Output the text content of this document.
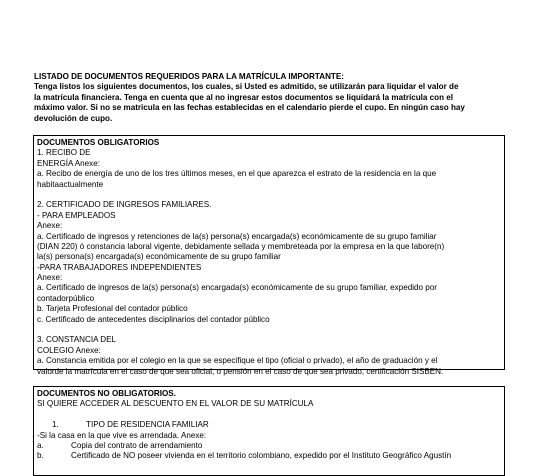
LISTADO DE DOCUMENTOS REQUERIDOS PARA LA MATRÍCULA IMPORTANTE:
Tenga listos los siguientes documentos, los cuales, si Usted es admitido, se utilizarán para liquidar el valor de
la matrícula financiera. Tenga en cuenta que al no ingresar estos documentos se liquidará la matrícula con el
máximo valor. Si no se matricula en las fechas establecidas en el calendario pierde el cupo. En ningún caso hay
devolución de cupo.
DOCUMENTOS OBLIGATORIOS
1. RECIBO DE
ENERGÍA Anexe:
a. Recibo de energía de uno de los tres últimos meses, en el que aparezca el estrato de la residencia en la que
habitaactualmente
2. CERTIFICADO DE INGRESOS FAMILIARES.
- PARA EMPLEADOS
Anexe:
a. Certificado de ingresos y retenciones de la(s) persona(s) encargada(s) económicamente de su grupo familiar
(DIAN 220) ó constancia laboral vigente, debidamente sellada y membreteada por la empresa en la que labore(n)
la(s) persona(s) encargada(s) económicamente de su grupo familiar
-PARA TRABAJADORES INDEPENDIENTES
Anexe:
a. Certificado de ingresos de la(s) persona(s) encargada(s) económicamente de su grupo familiar, expedido por
contadorpúblico
b. Tarjeta Profesional del contador público
c. Certificado de antecedentes disciplinarios del contador público
3. CONSTANCIA DEL
COLEGIO Anexe:
a. Constancia emitida por el colegio en la que se especifique el tipo (oficial o privado), el año de graduación y el
valorde la matrícula en el caso de que sea oficial, o pensión en el caso de que sea privado, certificación SISBEN.
DOCUMENTOS NO OBLIGATORIOS.
SI QUIERE ACCEDER AL DESCUENTO EN EL VALOR DE SU MATRÍCULA
1.	TIPO DE RESIDENCIA FAMILIAR
-Si la casa en la que vive es arrendada. Anexe:
a.	Copia del contrato de arrendamiento
b.	Certificado de NO poseer vivienda en el territorio colombiano, expedido por el Instituto Geográfico Agustín
